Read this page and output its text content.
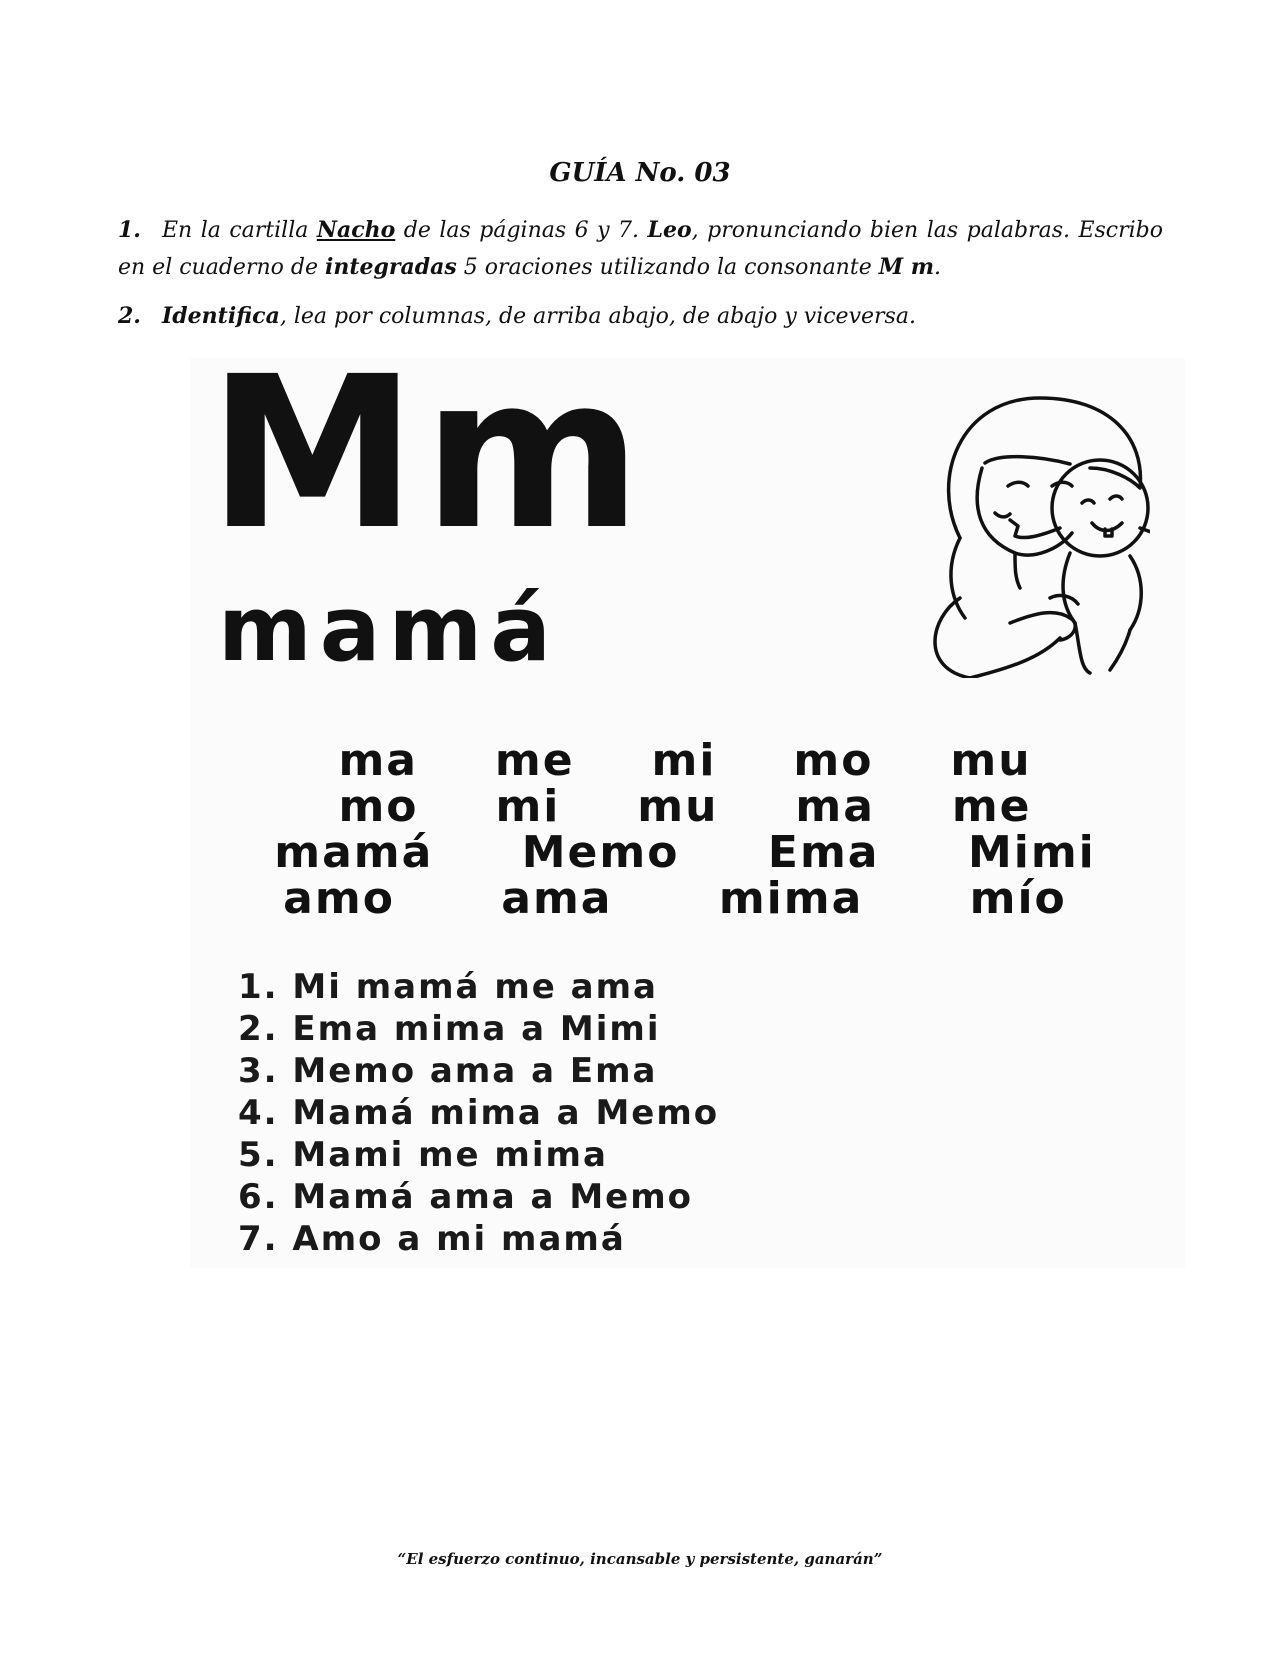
GUÍA No. 03

1. En la cartilla Nacho de las páginas 6 y 7. Leo, pronunciando bien las palabras. Escribo en el cuaderno de integradas 5 oraciones utilizando la consonante M m.

2. Identifica, lea por columnas, de arriba abajo, de abajo y viceversa.

Mm
mamá
ma me mi mo mu
mo mi mu ma me
mamá Memo Ema Mimi
amo ama mima mío
1. Mi mamá me ama
2. Ema mima a Mimi
3. Memo ama a Ema
4. Mamá mima a Memo
5. Mami me mima
6. Mamá ama a Memo
7. Amo a mi mamá

“El esfuerzo continuo, incansable y persistente, ganarán”
